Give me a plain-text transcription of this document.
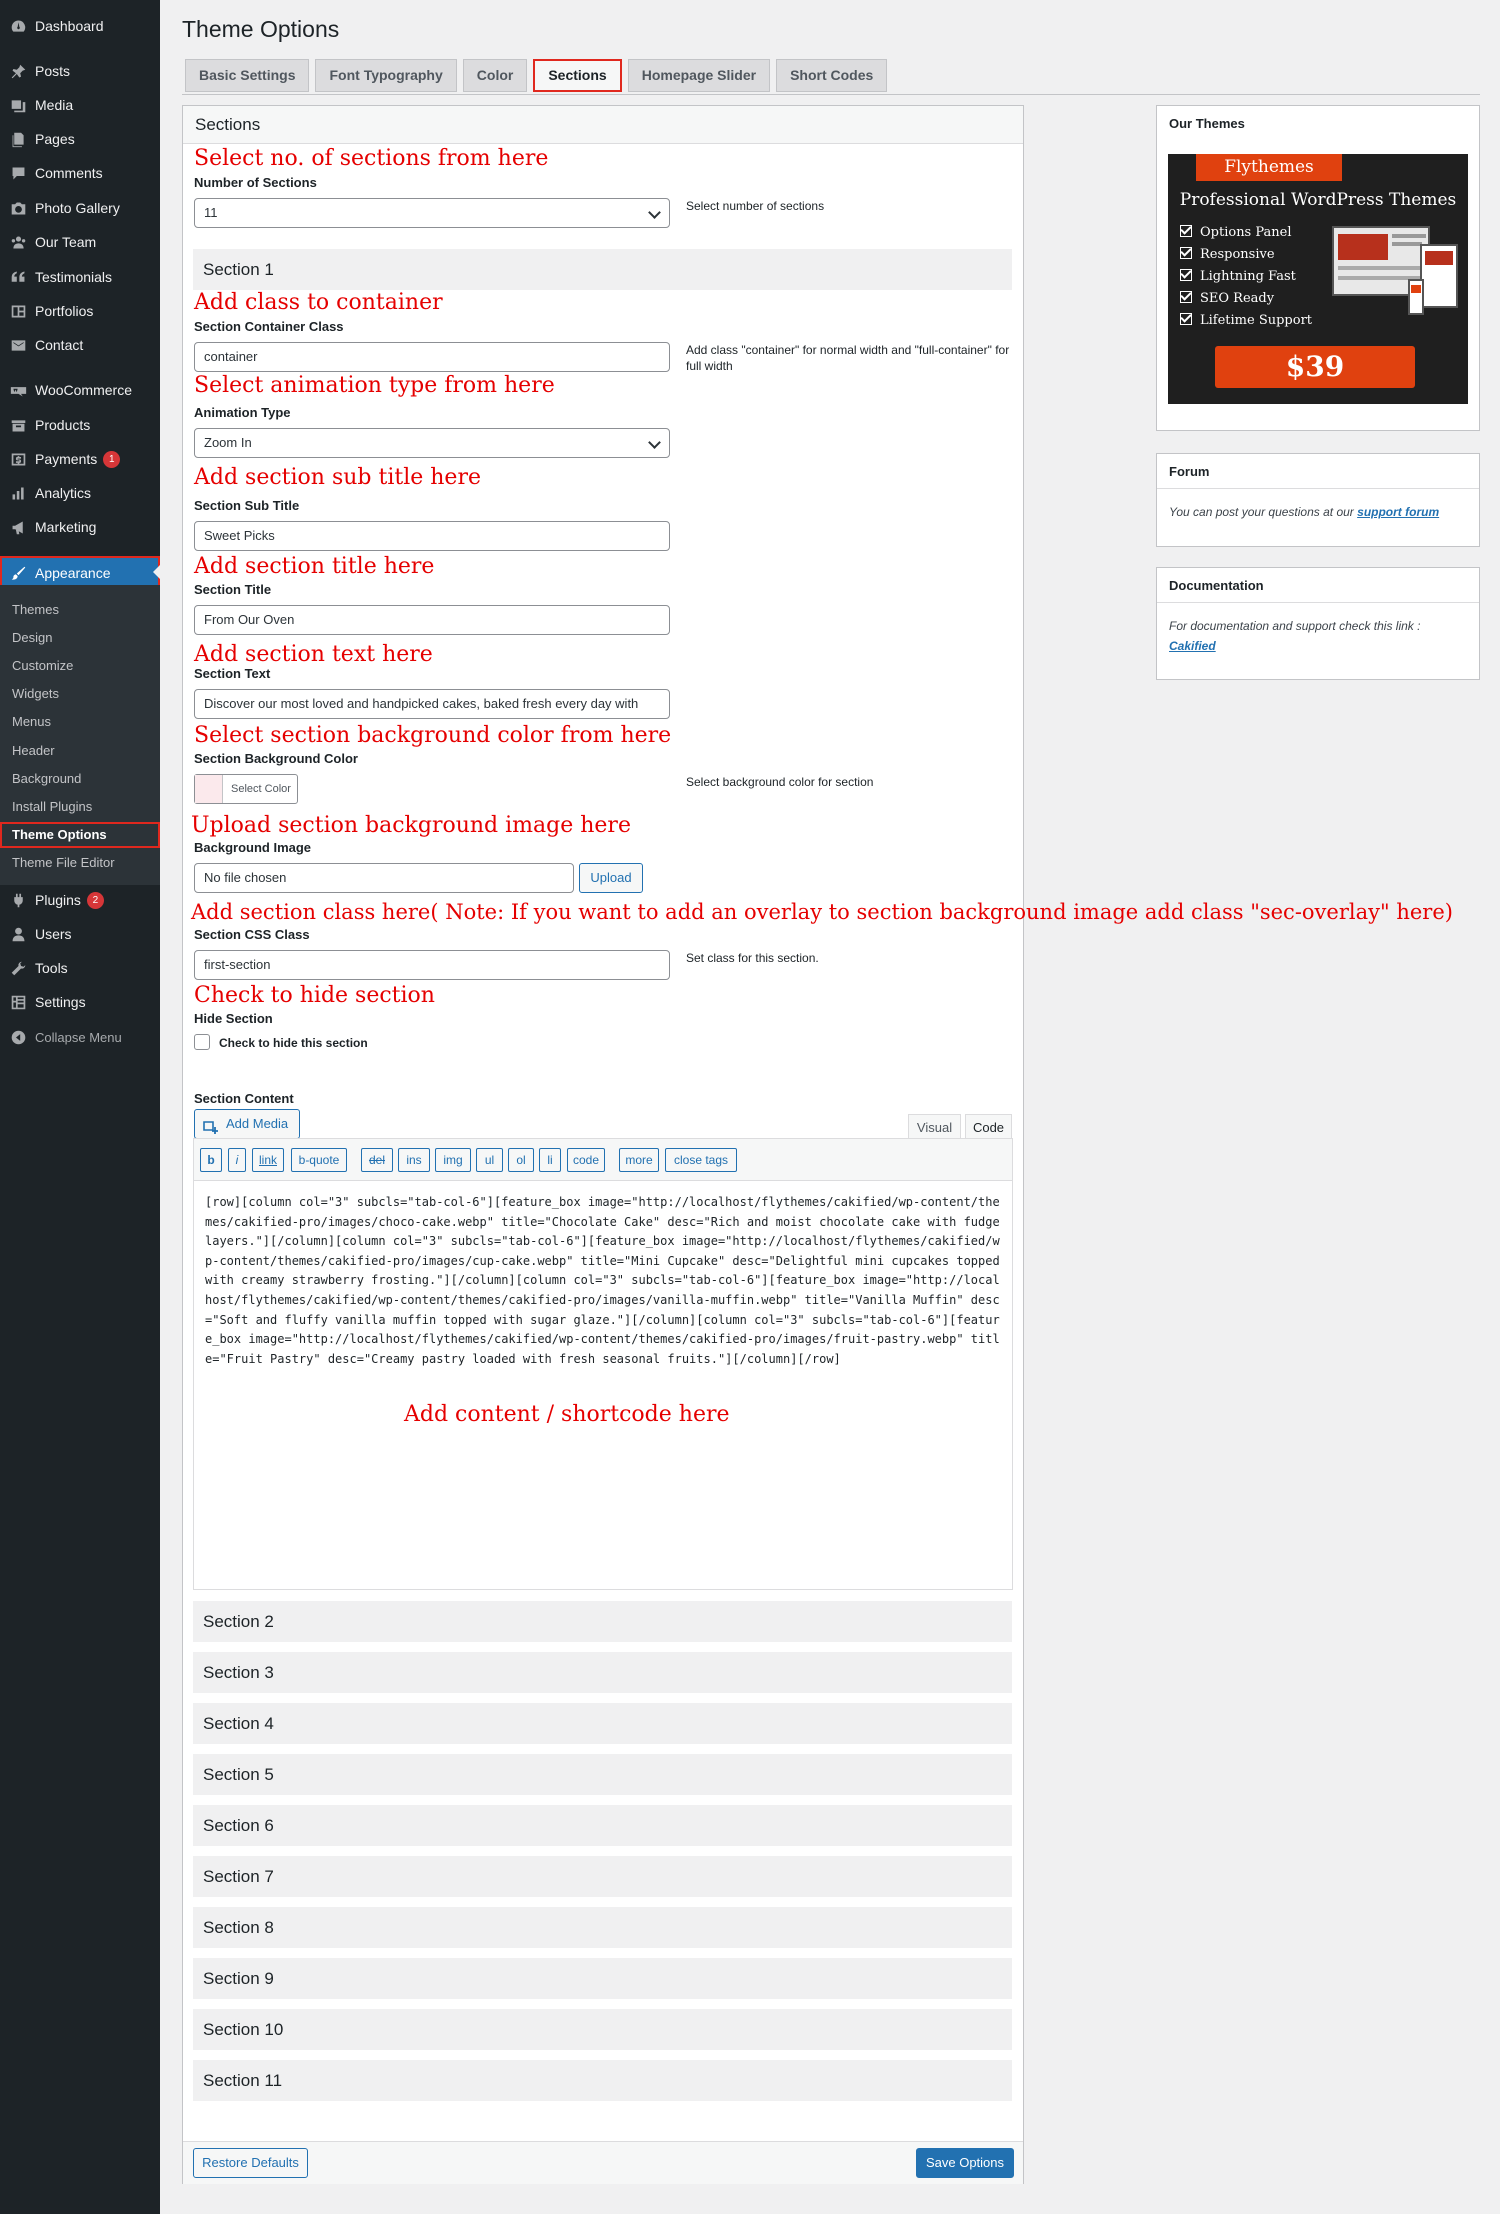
Dashboard
Posts
Media
Pages
Comments
Photo Gallery
Our Team
Testimonials
Portfolios
Contact
WooCommerce
Products
Payments	1
Analytics
Marketing
Appearance
Themes
Design
Customize
Widgets
Menus
Header
Background
Install Plugins
Theme Options
Theme File Editor
Plugins	2
Users
Tools
Settings
Collapse Menu
Theme Options
Basic Settings	Font Typography	Color	Sections	Homepage Slider	Short Codes
Sections
Select no. of sections from here
Number of Sections
11	Select number of sections
Section 1
Add class to container
Section Container Class
container	Add class "container" for normal width and "full-container" for full width
Select animation type from here
Animation Type
Zoom In
Add section sub title here
Section Sub Title
Sweet Picks
Add section title here
Section Title
From Our Oven
Add section text here
Section Text
Discover our most loved and handpicked cakes, baked fresh every day with
Select section background color from here
Section Background Color
Select Color	Select background color for section
Upload section background image here
Background Image
No file chosen	Upload
Add section class here( Note: If you want to add an overlay to section background image add class "sec-overlay" here)
Section CSS Class
first-section	Set class for this section.
Check to hide section
Hide Section
Check to hide this section
Section Content
Add Media	Visual	Code
b	i	link	b-quote	del	ins	img	ul	ol	li	code	more	close tags
[row][column col="3" subcls="tab-col-6"][feature_box image="http://localhost/flythemes/cakified/wp-content/themes/cakified-pro/images/choco-cake.webp" title="Chocolate Cake" desc="Rich and moist chocolate cake with fudge layers."][/column][column col="3" subcls="tab-col-6"][feature_box image="http://localhost/flythemes/cakified/wp-content/themes/cakified-pro/images/cup-cake.webp" title="Mini Cupcake" desc="Delightful mini cupcakes topped with creamy strawberry frosting."][/column][column col="3" subcls="tab-col-6"][feature_box image="http://localhost/flythemes/cakified/wp-content/themes/cakified-pro/images/vanilla-muffin.webp" title="Vanilla Muffin" desc="Soft and fluffy vanilla muffin topped with sugar glaze."][/column][column col="3" subcls="tab-col-6"][feature_box image="http://localhost/flythemes/cakified/wp-content/themes/cakified-pro/images/fruit-pastry.webp" title="Fruit Pastry" desc="Creamy pastry loaded with fresh seasonal fruits."][/column][/row]
Add content / shortcode here
Section 2
Section 3
Section 4
Section 5
Section 6
Section 7
Section 8
Section 9
Section 10
Section 11
Restore Defaults	Save Options
Our Themes
Flythemes
Professional WordPress Themes
Options Panel
Responsive
Lightning Fast
SEO Ready
Lifetime Support
$39
Forum
You can post your questions at our support forum
Documentation
For documentation and support check this link :
Cakified
